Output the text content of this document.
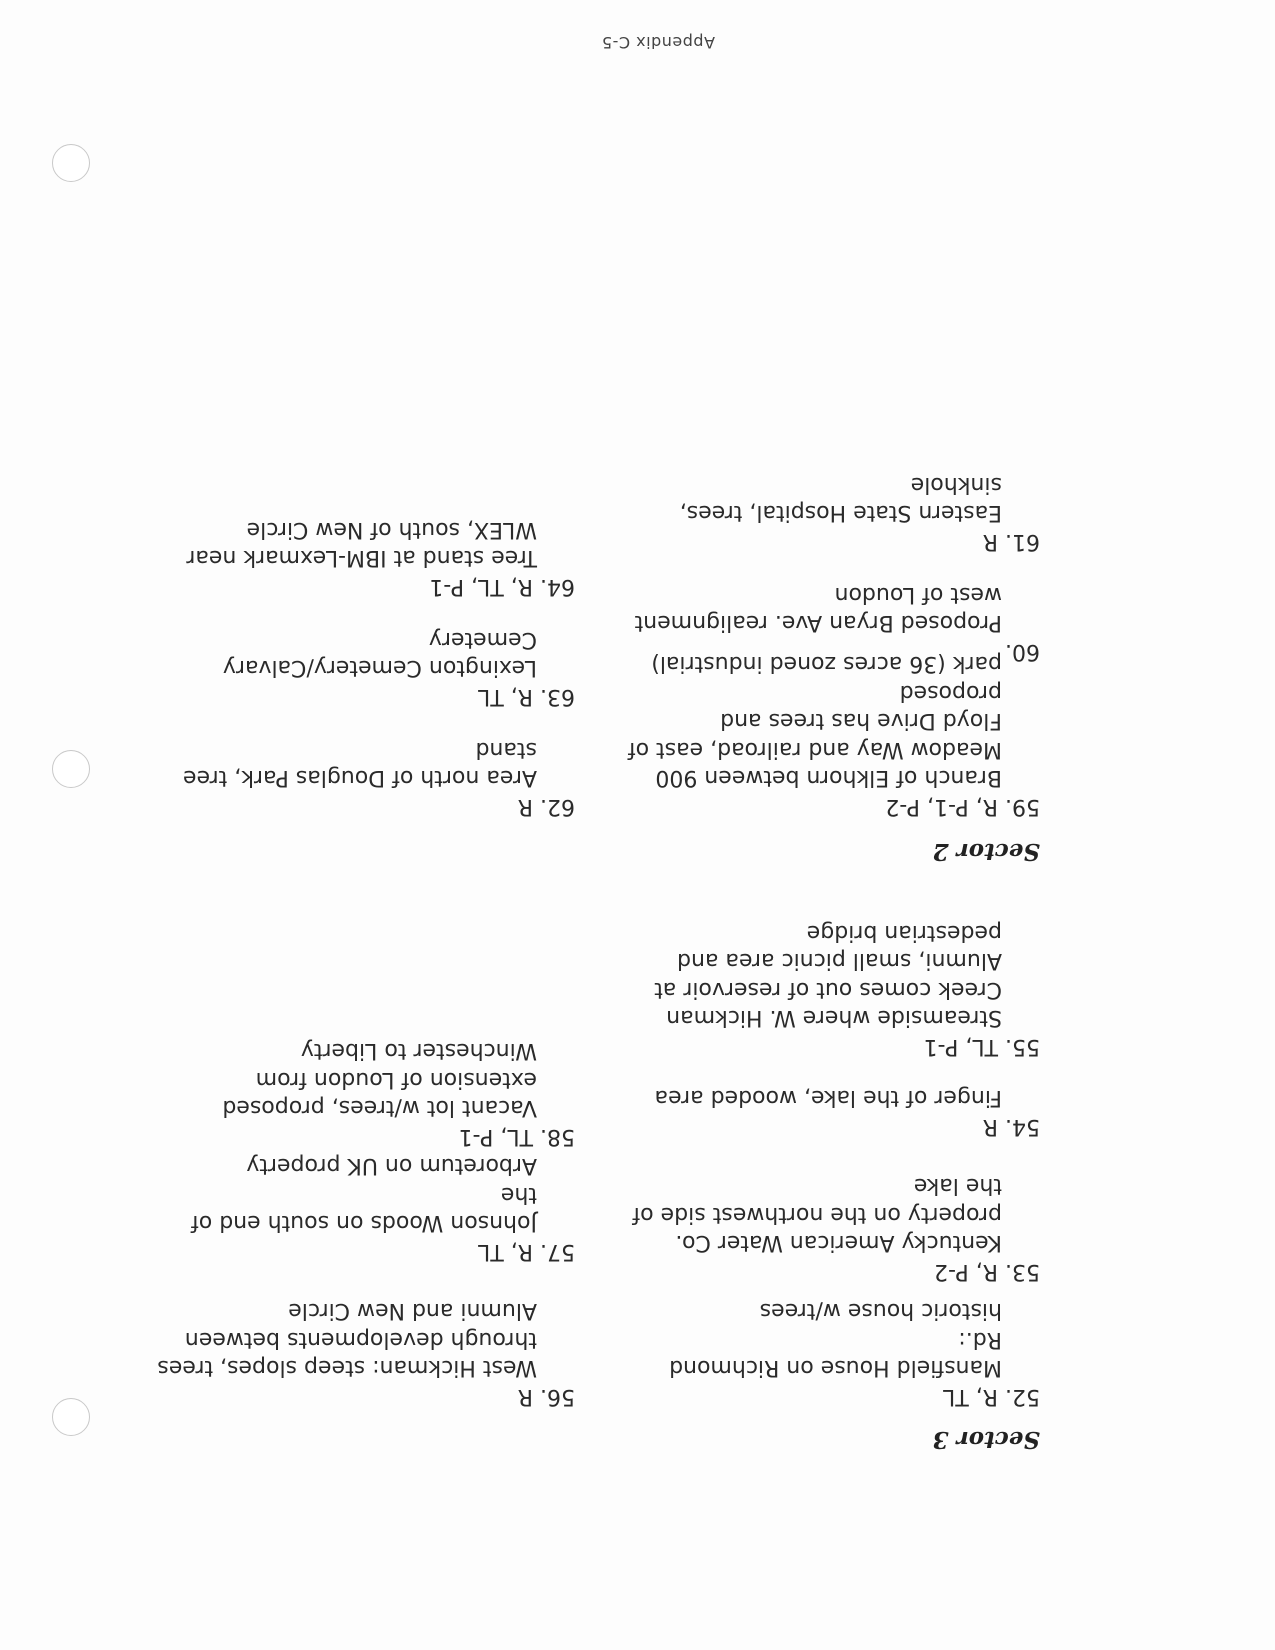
Sector 3
52. R, TL
Mansfield House on Richmond Rd.:
historic house w/trees
53. R, P-2
Kentucky American Water Co.
property on the northwest side of
the lake
54. R
Finger of the lake, wooded area
55. TL, P-1
Streamside where W. Hickman
Creek comes out of reservoir at
Alumni, small picnic area and
pedestrian bridge
Sector 2
59. R, P-1, P-2
Branch of Elkhorn between 900
Meadow Way and railroad, east of
Floyd Drive has trees and proposed
park (36 acres zoned industrial)	60.
Proposed Bryan Ave. realignment
west of Loudon
61. R
Eastern State Hospital, trees,
sinkhole
56. R
West Hickman: steep slopes, trees
through developments between
Alumni and New Circle
57. R, TL
Johnson Woods on south end of the
Arboretum on UK property
58. TL, P-1
Vacant lot w/trees, proposed
extension of Loudon from
Winchester to Liberty
62. R
Area north of Douglas Park, tree
stand
63. R, TL
Lexington Cemetery/Calvary
Cemetery
64. R, TL, P-1
Tree stand at IBM-Lexmark near
WLEX, south of New Circle
Appendix C-5
